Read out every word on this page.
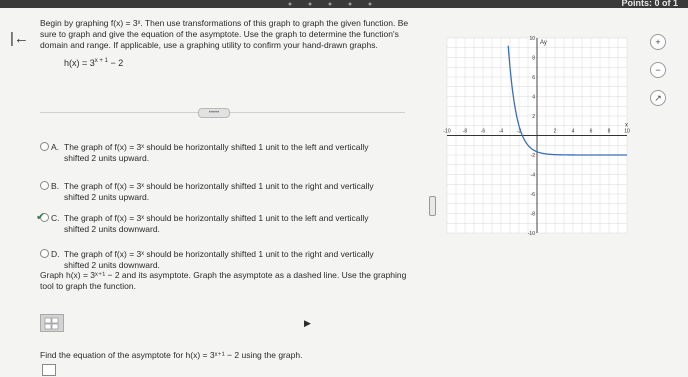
Points: 0 of 1
|←
Begin by graphing f(x) = 3ˣ. Then use transformations of this graph to graph the given function. Be sure to graph and give the equation of the asymptote. Use the graph to determine the function's domain and range. If applicable, use a graphing utility to confirm your hand-drawn graphs.
$h(x) = 3^{x + 1} - 2$
•••••
A. The graph of f(x) = 3ˣ should be horizontally shifted 1 unit to the left and vertically shifted 2 units upward.
B. The graph of f(x) = 3ˣ should be horizontally shifted 1 unit to the right and vertically shifted 2 units upward.
✔ C. The graph of f(x) = 3ˣ should be horizontally shifted 1 unit to the left and vertically shifted 2 units downward.
D. The graph of f(x) = 3ˣ should be horizontally shifted 1 unit to the right and vertically shifted 2 units downward.
Graph h(x) = 3ˣ⁺¹ − 2 and its asymptote. Graph the asymptote as a dashed line. Use the graphing tool to graph the function.
▶
Find the equation of the asymptote for h(x) = 3ˣ⁺¹ − 2 using the graph.
-10 -8	-6	-4	-2	2	4	6	8	10
10
8
6
4
2
-2
-4
-6
-8
-10
x
Ay	+
−
↗
